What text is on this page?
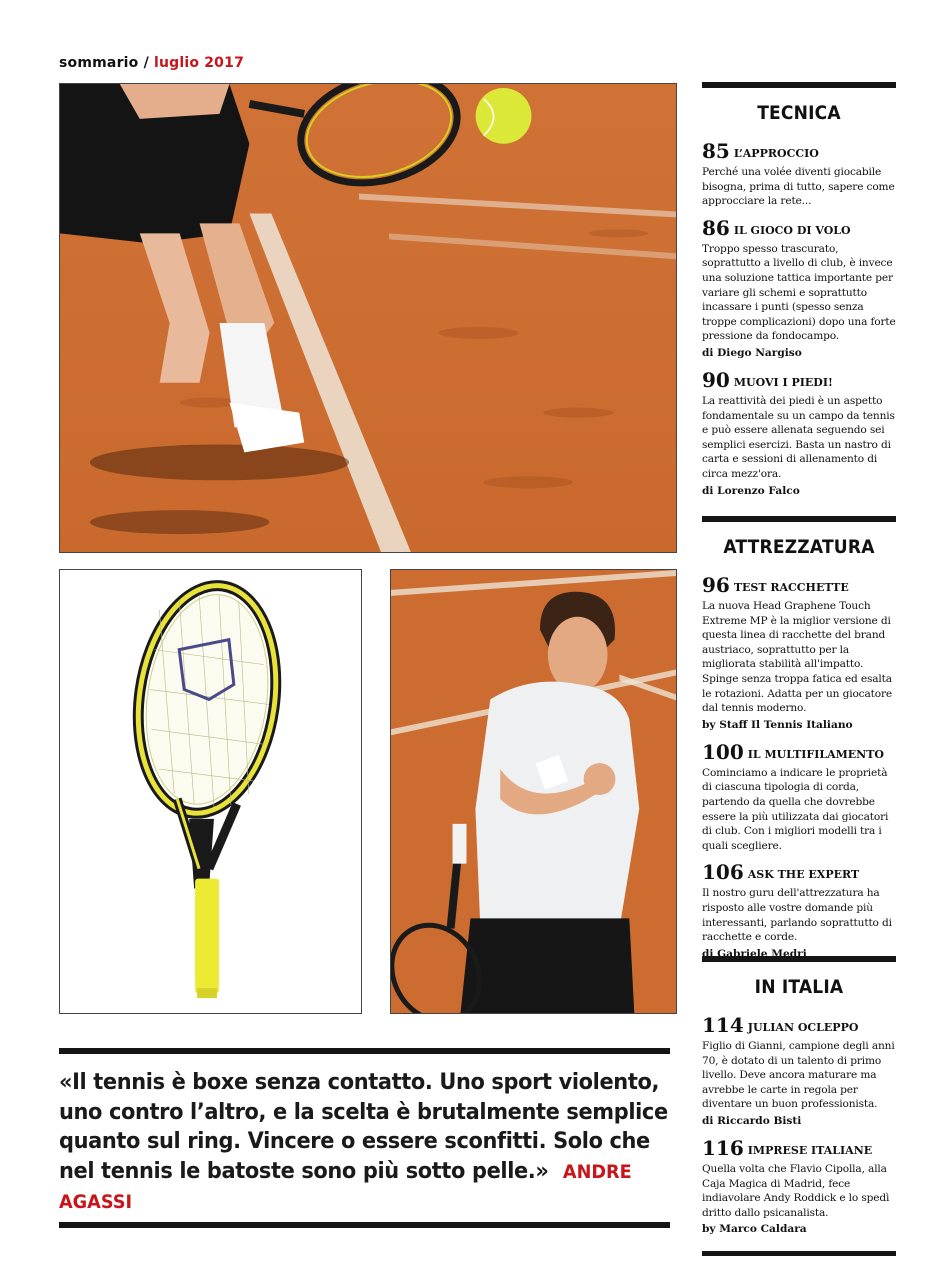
sommario / luglio 2017
«Il tennis è boxe senza contatto. Uno sport violento, uno contro l’altro, e la scelta è brutalmente semplice quanto sul ring. Vincere o essere sconfitti. Solo che nel tennis le batoste sono più sotto pelle.» ANDRE AGASSI
TECNICA
85 L’APPROCCIO
Perché una volée diventi giocabile bisogna, prima di tutto, sapere come approcciare la rete...
86 IL GIOCO DI VOLO
Troppo spesso trascurato, soprattutto a livello di club, è invece una soluzione tattica importante per variare gli schemi e soprattutto incassare i punti (spesso senza troppe complicazioni) dopo una forte pressione da fondocampo.
di Diego Nargiso
90 MUOVI I PIEDI!
La reattività dei piedi è un aspetto fondamentale su un campo da tennis e può essere allenata seguendo sei semplici esercizi. Basta un nastro di carta e sessioni di allenamento di circa mezz'ora.
di Lorenzo Falco
ATTREZZATURA
96 TEST RACCHETTE
La nuova Head Graphene Touch Extreme MP è la miglior versione di questa linea di racchette del brand austriaco, soprattutto per la migliorata stabilità all'impatto. Spinge senza troppa fatica ed esalta le rotazioni. Adatta per un giocatore dal tennis moderno.
by Staff Il Tennis Italiano
100 IL MULTIFILAMENTO
Cominciamo a indicare le proprietà di ciascuna tipologia di corda, partendo da quella che dovrebbe essere la più utilizzata dai giocatori di club. Con i migliori modelli tra i quali scegliere.
106 ASK THE EXPERT
Il nostro guru dell'attrezzatura ha risposto alle vostre domande più interessanti, parlando soprattutto di racchette e corde.
di Gabriele Medri
IN ITALIA
114 JULIAN OCLEPPO
Figlio di Gianni, campione degli anni 70, è dotato di un talento di primo livello. Deve ancora maturare ma avrebbe le carte in regola per diventare un buon professionista.
di Riccardo Bisti
116 IMPRESE ITALIANE
Quella volta che Flavio Cipolla, alla Caja Magica di Madrid, fece indiavolare Andy Roddick e lo spedì dritto dallo psicanalista.
by Marco Caldara
